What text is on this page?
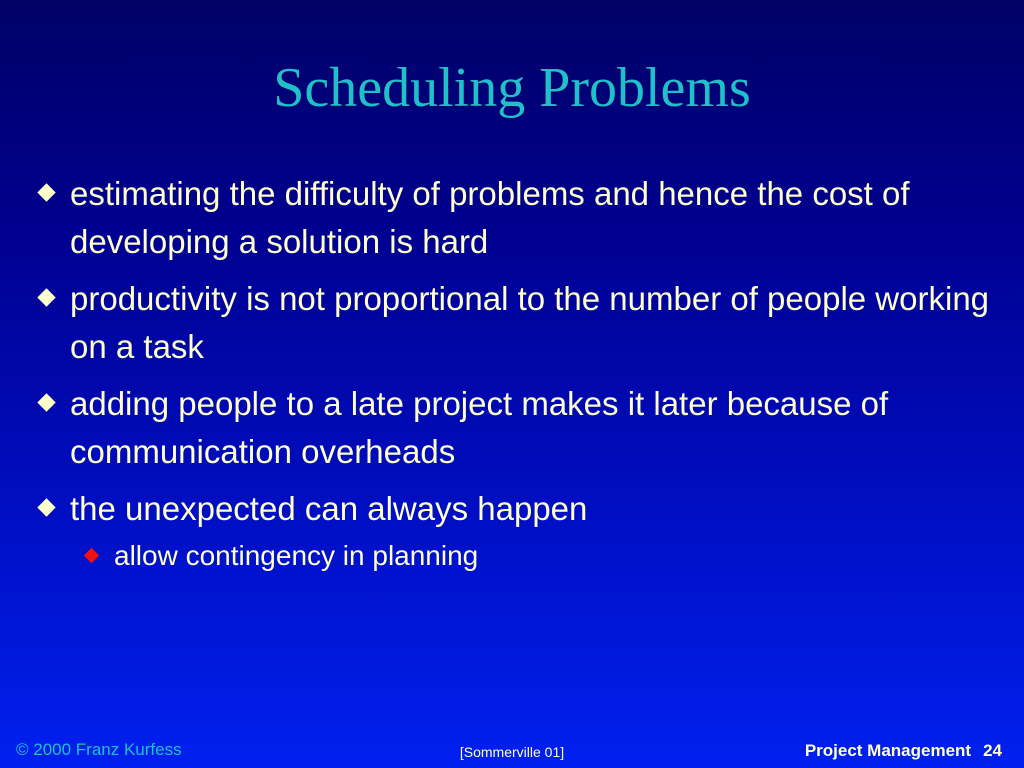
Scheduling Problems
estimating the difficulty of problems and hence the cost of developing a solution is hard
productivity is not proportional to the number of people working on a task
adding people to a late project makes it later because of communication overheads
the unexpected can always happen
allow contingency in planning
© 2000 Franz Kurfess	[Sommerville 01]	Project Management 24
